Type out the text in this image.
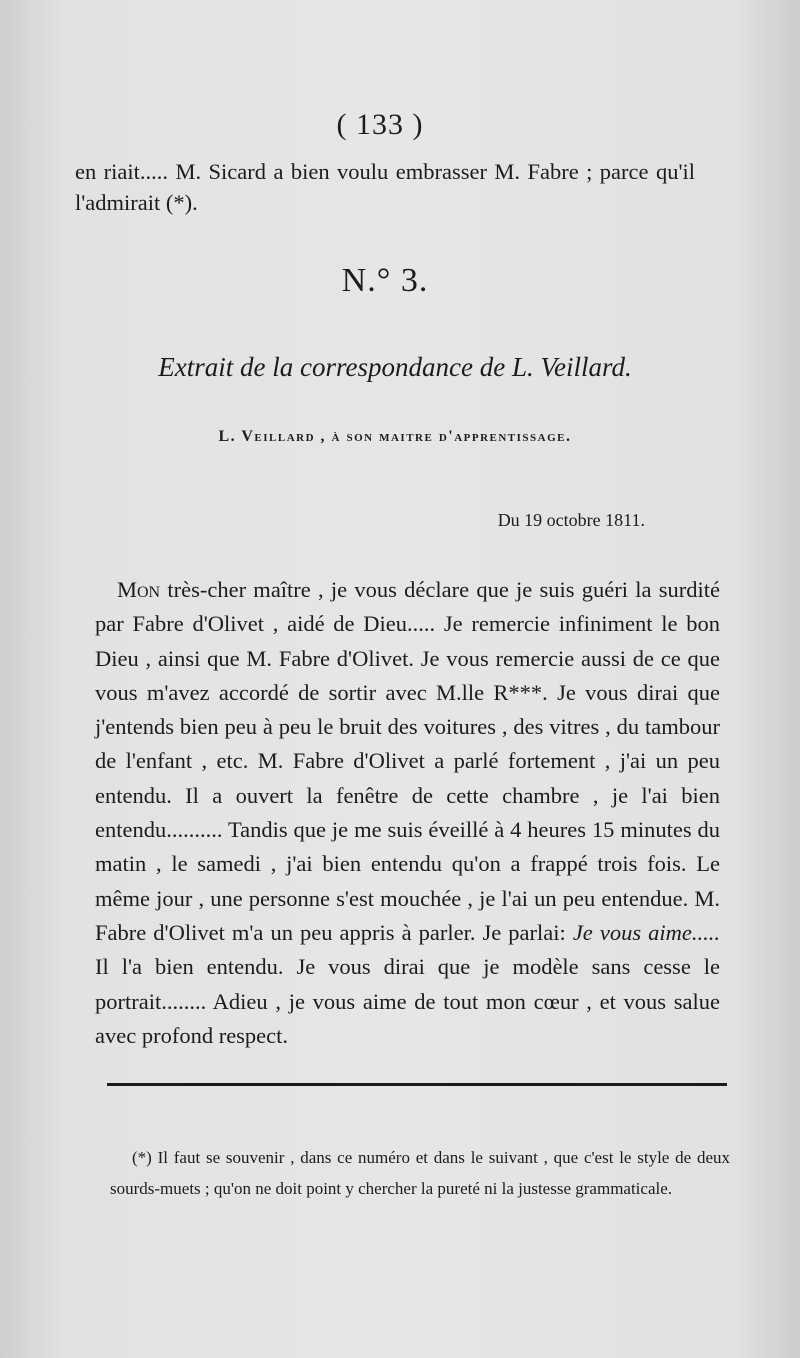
( 133 )
en riait..... M. Sicard a bien voulu embrasser M. Fabre ; parce qu'il l'admirait (*).
N.° 3.
Extrait de la correspondance de L. Veillard.
L. Veillard , à son maitre d'apprentissage.
Du 19 octobre 1811.
Mon très-cher maître , je vous déclare que je suis guéri la surdité par Fabre d'Olivet , aidé de Dieu..... Je remercie infiniment le bon Dieu , ainsi que M. Fabre d'Olivet. Je vous remercie aussi de ce que vous m'avez accordé de sortir avec M.lle R***. Je vous dirai que j'entends bien peu à peu le bruit des voitures , des vitres , du tambour de l'enfant , etc. M. Fabre d'Olivet a parlé fortement , j'ai un peu entendu. Il a ouvert la fenêtre de cette chambre , je l'ai bien entendu.......... Tandis que je me suis éveillé à 4 heures 15 minutes du matin , le samedi , j'ai bien entendu qu'on a frappé trois fois. Le même jour , une personne s'est mouchée , je l'ai un peu entendue. M. Fabre d'Olivet m'a un peu appris à parler. Je parlai: Je vous aime..... Il l'a bien entendu. Je vous dirai que je modèle sans cesse le portrait........ Adieu , je vous aime de tout mon cœur , et vous salue avec profond respect.
(*) Il faut se souvenir , dans ce numéro et dans le suivant , que c'est le style de deux sourds-muets ; qu'on ne doit point y chercher la pureté ni la justesse grammaticale.
